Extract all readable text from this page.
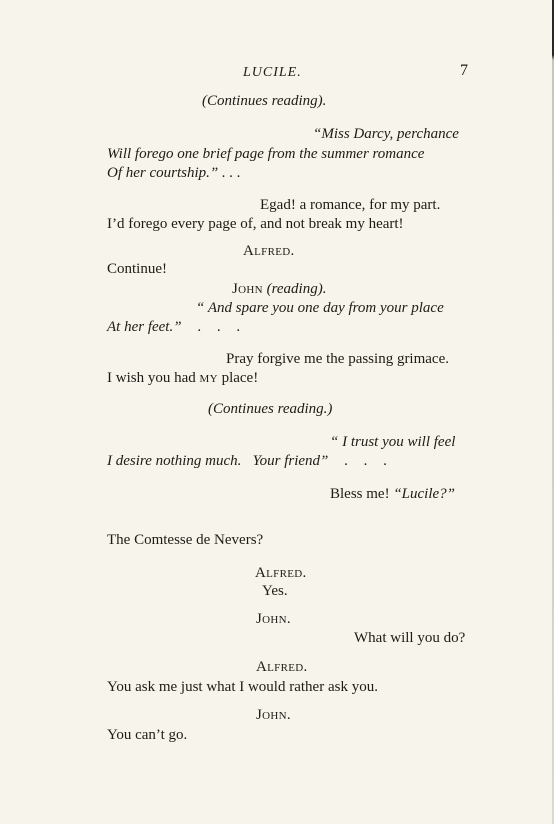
LUCILE.	7
(Continues reading).
“Miss Darcy, perchance
Will forego one brief page from the summer romance
Of her courtship.” . . .
Egad! a romance, for my part.
I’d forego every page of, and not break my heart!
Alfred.
Continue!
John (reading).
“ And spare you one day from your place
At her feet.” . . .
Pray forgive me the passing grimace.
I wish you had my place!
(Continues reading.)
“ I trust you will feel
I desire nothing much.   Your friend” . . .
Bless me! “Lucile?”
The Comtesse de Nevers?
Alfred.
Yes.
John.
What will you do?
Alfred.
You ask me just what I would rather ask you.
John.
You can’t go.
